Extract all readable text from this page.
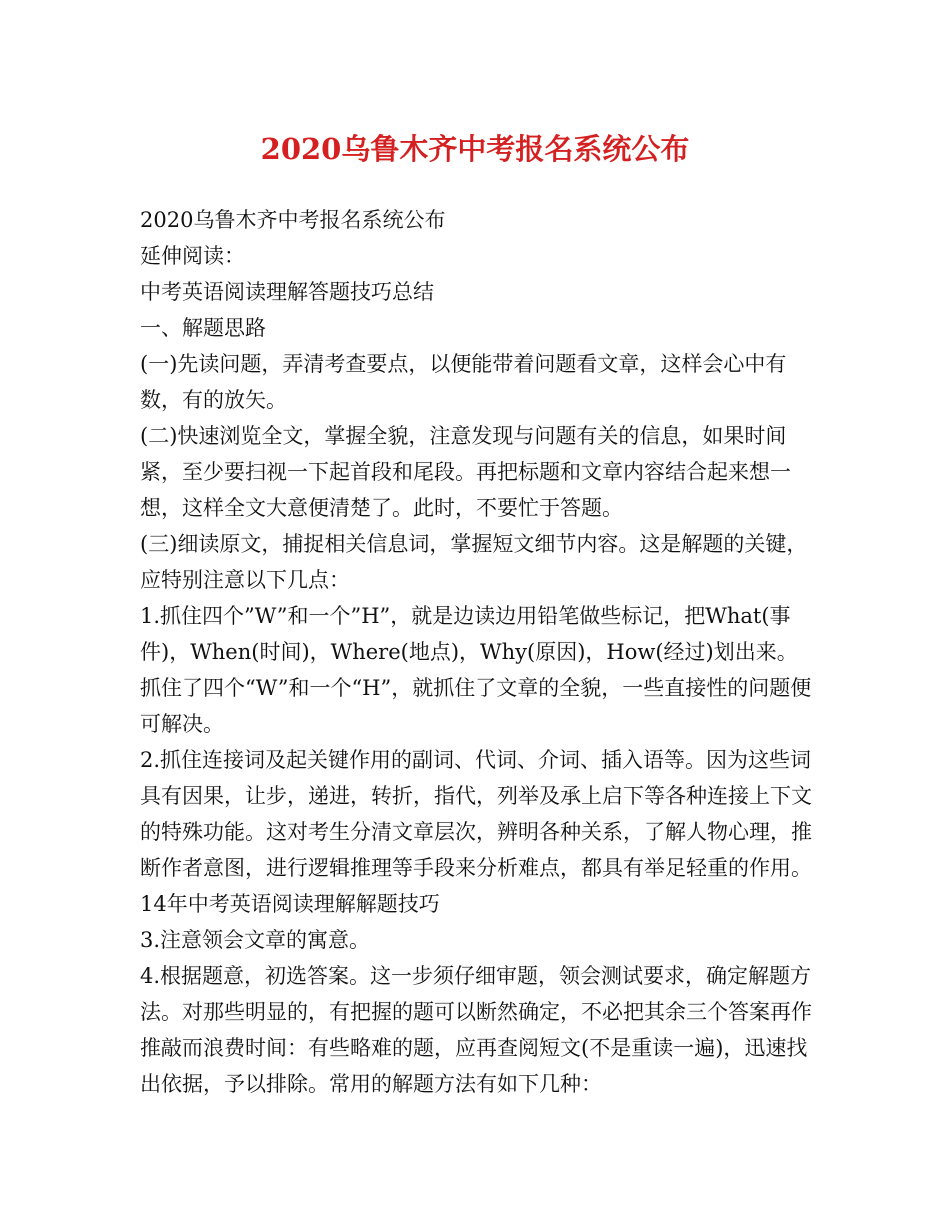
2020乌鲁木齐中考报名系统公布

2020乌鲁木齐中考报名系统公布

延伸阅读：

中考英语阅读理解答题技巧总结

一、解题思路

(一)先读问题，弄清考查要点，以便能带着问题看文章，这样会心中有数，有的放矢。

(二)快速浏览全文，掌握全貌，注意发现与问题有关的信息，如果时间紧，至少要扫视一下起首段和尾段。再把标题和文章内容结合起来想一想，这样全文大意便清楚了。此时，不要忙于答题。

(三)细读原文，捕捉相关信息词，掌握短文细节内容。这是解题的关键，应特别注意以下几点：

1.抓住四个”W”和一个”H”，就是边读边用铅笔做些标记，把What(事件)，When(时间)，Where(地点)，Why(原因)，How(经过)划出来。抓住了四个“W”和一个“H”，就抓住了文章的全貌，一些直接性的问题便可解决。

2.抓住连接词及起关键作用的副词、代词、介词、插入语等。因为这些词具有因果，让步，递进，转折，指代，列举及承上启下等各种连接上下文的特殊功能。这对考生分清文章层次，辨明各种关系，了解人物心理，推断作者意图，进行逻辑推理等手段来分析难点，都具有举足轻重的作用。14年中考英语阅读理解解题技巧

3.注意领会文章的寓意。

4.根据题意，初选答案。这一步须仔细审题，领会测试要求，确定解题方法。对那些明显的，有把握的题可以断然确定，不必把其余三个答案再作推敲而浪费时间：有些略难的题，应再查阅短文(不是重读一遍)，迅速找出依据，予以排除。常用的解题方法有如下几种：
